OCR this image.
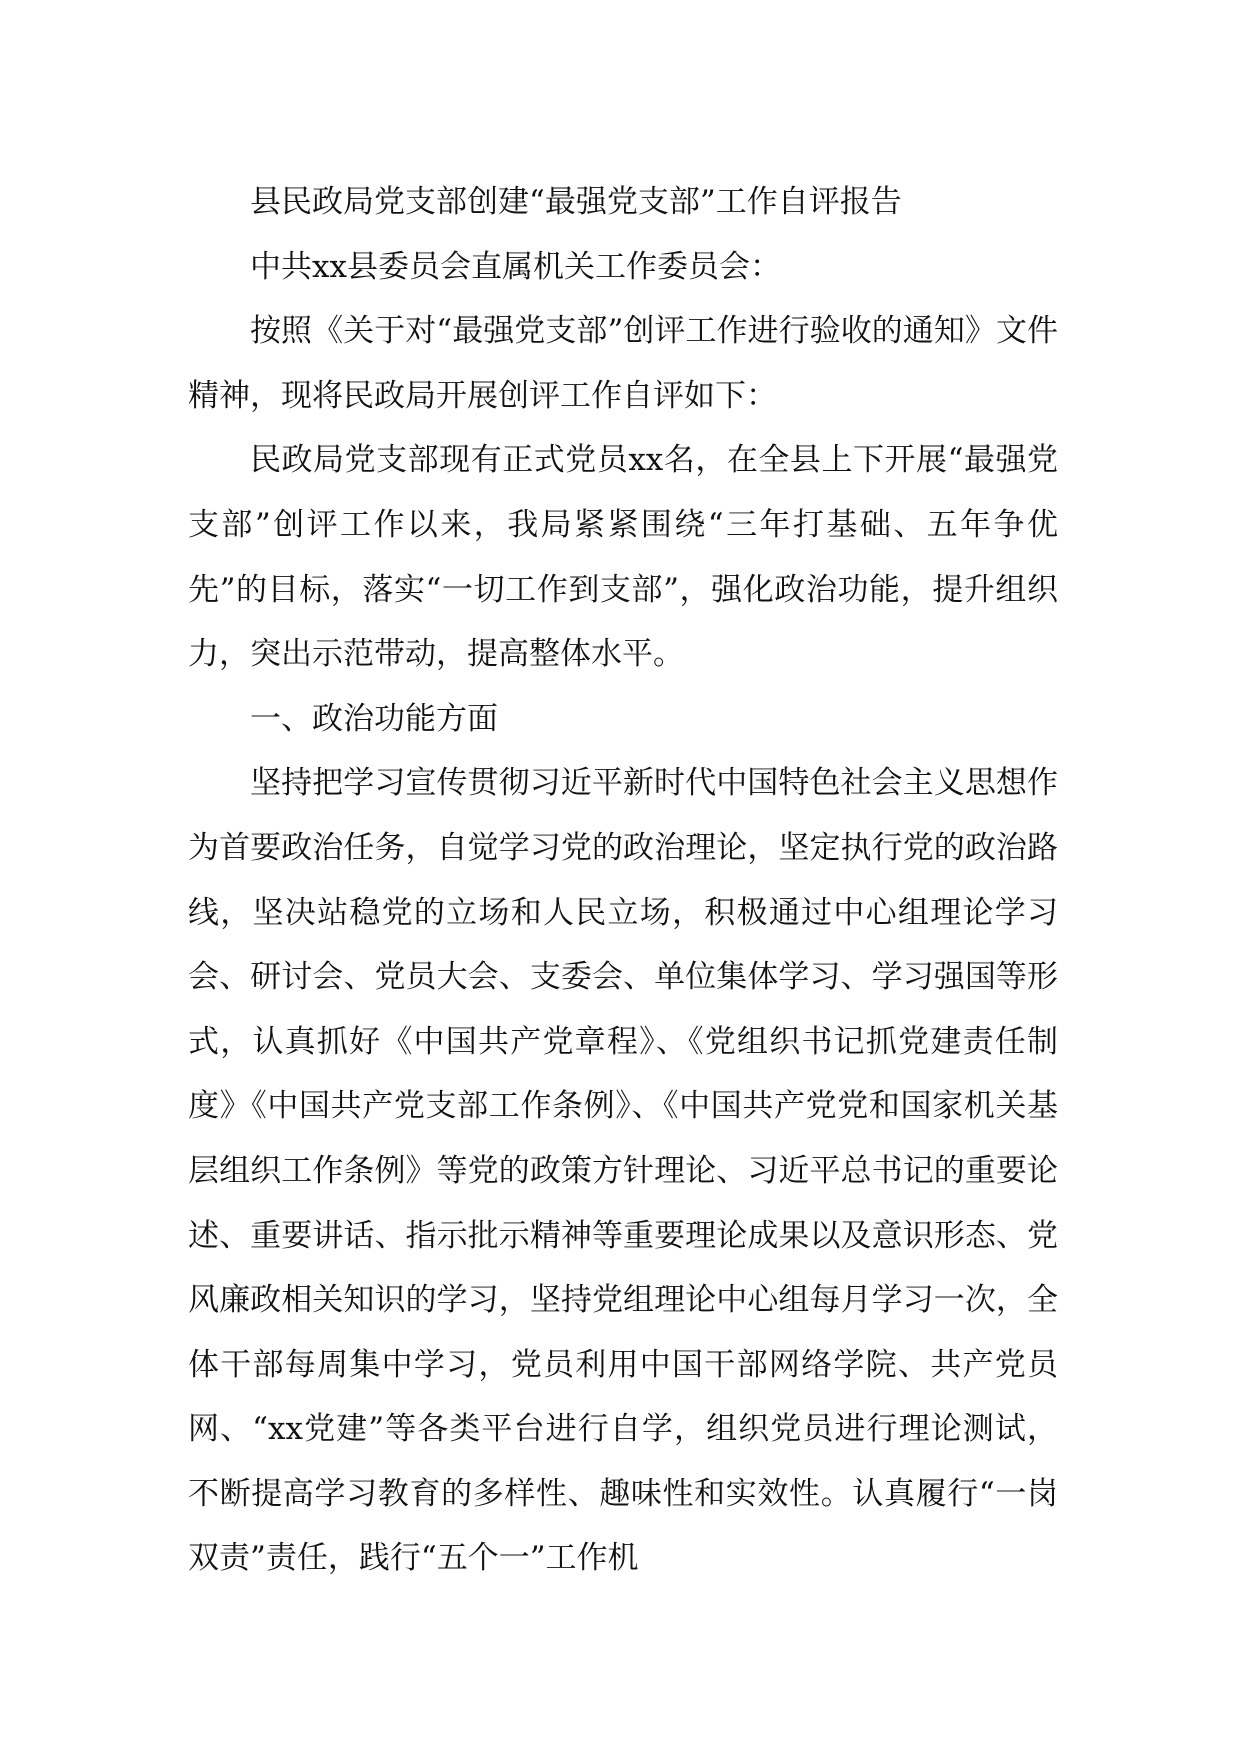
县民政局党支部创建“最强党支部”工作自评报告

中共xx县委员会直属机关工作委员会：

按照《关于对“最强党支部”创评工作进行验收的通知》文件精神，现将民政局开展创评工作自评如下：

民政局党支部现有正式党员xx名，在全县上下开展“最强党支部”创评工作以来，我局紧紧围绕“三年打基础、五年争优先”的目标，落实“一切工作到支部”，强化政治功能，提升组织力，突出示范带动，提高整体水平。

一、政治功能方面

坚持把学习宣传贯彻习近平新时代中国特色社会主义思想作为首要政治任务，自觉学习党的政治理论，坚定执行党的政治路线，坚决站稳党的立场和人民立场，积极通过中心组理论学习会、研讨会、党员大会、支委会、单位集体学习、学习强国等形式，认真抓好《中国共产党章程》、《党组织书记抓党建责任制度》《中国共产党支部工作条例》、《中国共产党党和国家机关基层组织工作条例》等党的政策方针理论、习近平总书记的重要论述、重要讲话、指示批示精神等重要理论成果以及意识形态、党风廉政相关知识的学习，坚持党组理论中心组每月学习一次，全体干部每周集中学习，党员利用中国干部网络学院、共产党员网、“xx党建”等各类平台进行自学，组织党员进行理论测试，不断提高学习教育的多样性、趣味性和实效性。认真履行“一岗双责”责任，践行“五个一”工作机
